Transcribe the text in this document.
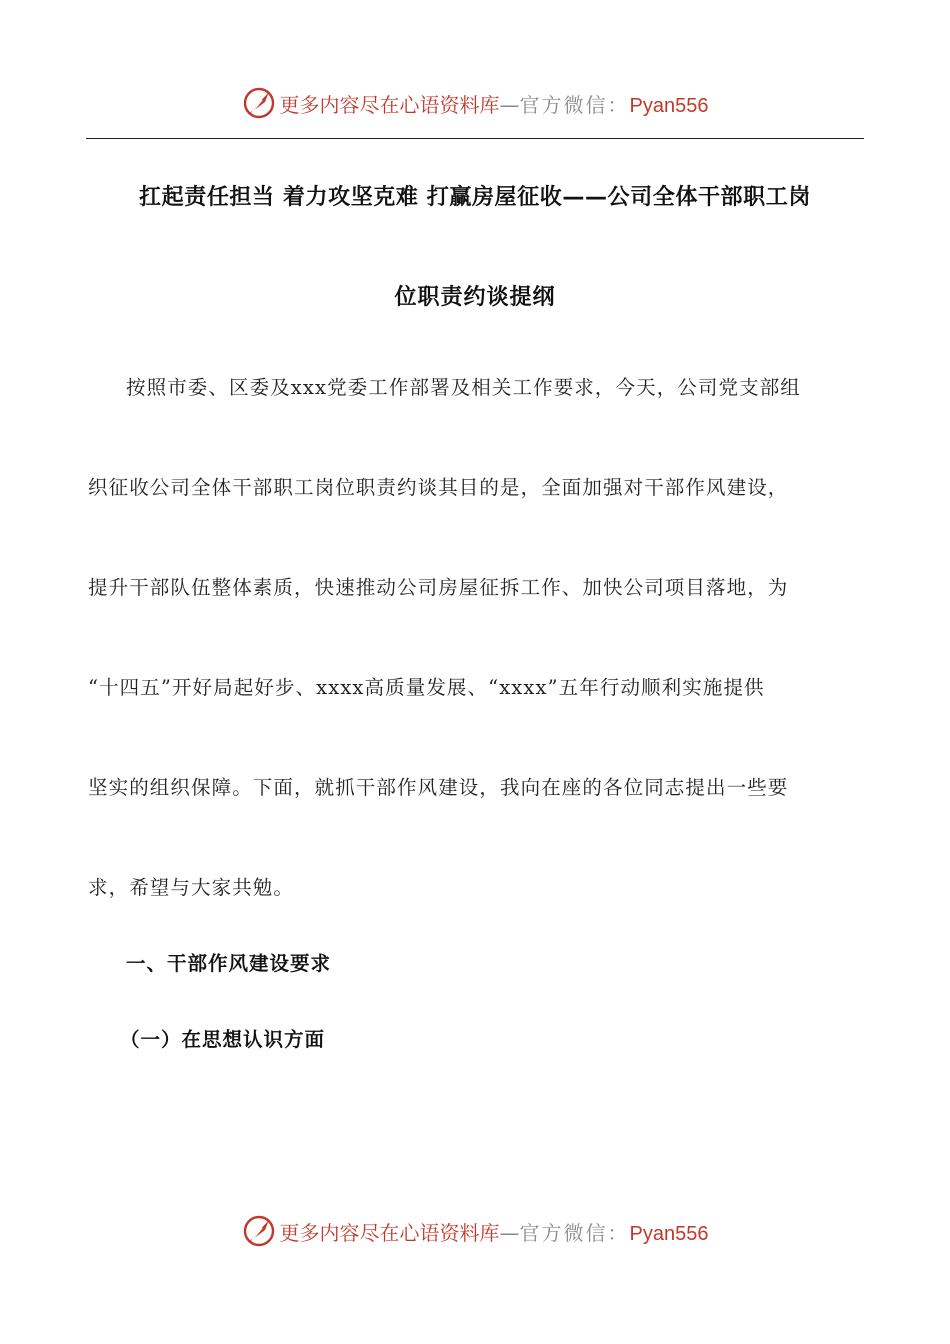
更多内容尽在心语资料库 — 官方微信： Pyan556
扛起责任担当 着力攻坚克难 打赢房屋征收——公司全体干部职工岗
位职责约谈提纲
按照市委、区委及xxx党委工作部署及相关工作要求，今天，公司党支部组
织征收公司全体干部职工岗位职责约谈其目的是，全面加强对干部作风建设，
提升干部队伍整体素质，快速推动公司房屋征拆工作、加快公司项目落地，为
“十四五”开好局起好步、xxxx高质量发展、“xxxx”五年行动顺利实施提供
坚实的组织保障。下面，就抓干部作风建设，我向在座的各位同志提出一些要
求，希望与大家共勉。
一、干部作风建设要求
（一）在思想认识方面
更多内容尽在心语资料库 — 官方微信： Pyan556
